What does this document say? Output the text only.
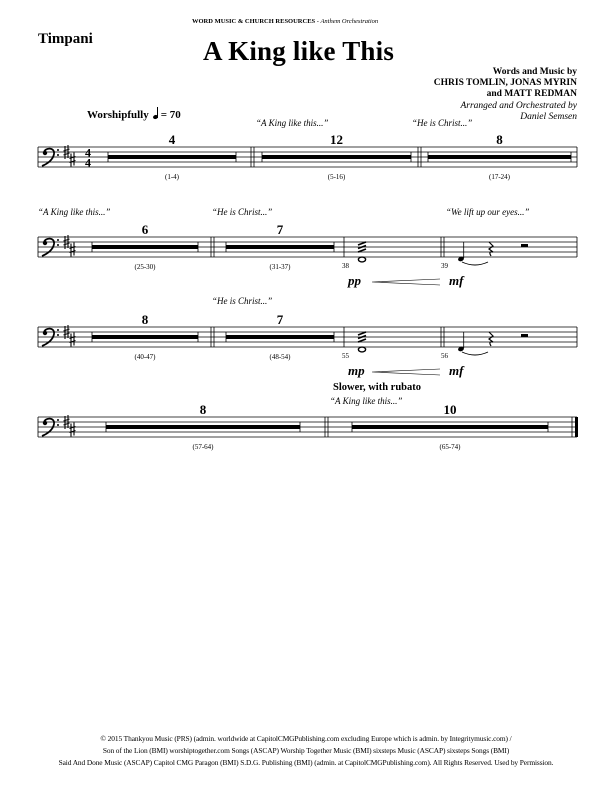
4
4
4
(1-4)
12
(5-16)
8
(17-24)
6
(25-30)
7
(31-37)	38	39
pp	mf
8
(40-47)
7
(48-54)	55	56
mp	mf
8
(57-64)
10
(65-74)
Timpani
WORD MUSIC & CHURCH RESOURCES - Anthem Orchestration
A King like This
Words and Music by
CHRIS TOMLIN, JONAS MYRIN
and MATT REDMAN
Arranged and Orchestrated by
Daniel Semsen
Worshipfully = 70
“A King like this...”	“He is Christ...”
“A King like this...”	“He is Christ...”	“We lift up our eyes...”
“He is Christ...”
Slower, with rubato
“A King like this...”
© 2015 Thankyou Music (PRS) (admin. worldwide at CapitolCMGPublishing.com excluding Europe which is admin. by Integritymusic.com) /
Son of the Lion (BMI) worshiptogether.com Songs (ASCAP) Worship Together Music (BMI) sixsteps Music (ASCAP) sixsteps Songs (BMI)
Said And Done Music (ASCAP) Capitol CMG Paragon (BMI) S.D.G. Publishing (BMI) (admin. at CapitolCMGPublishing.com). All Rights Reserved. Used by Permission.
